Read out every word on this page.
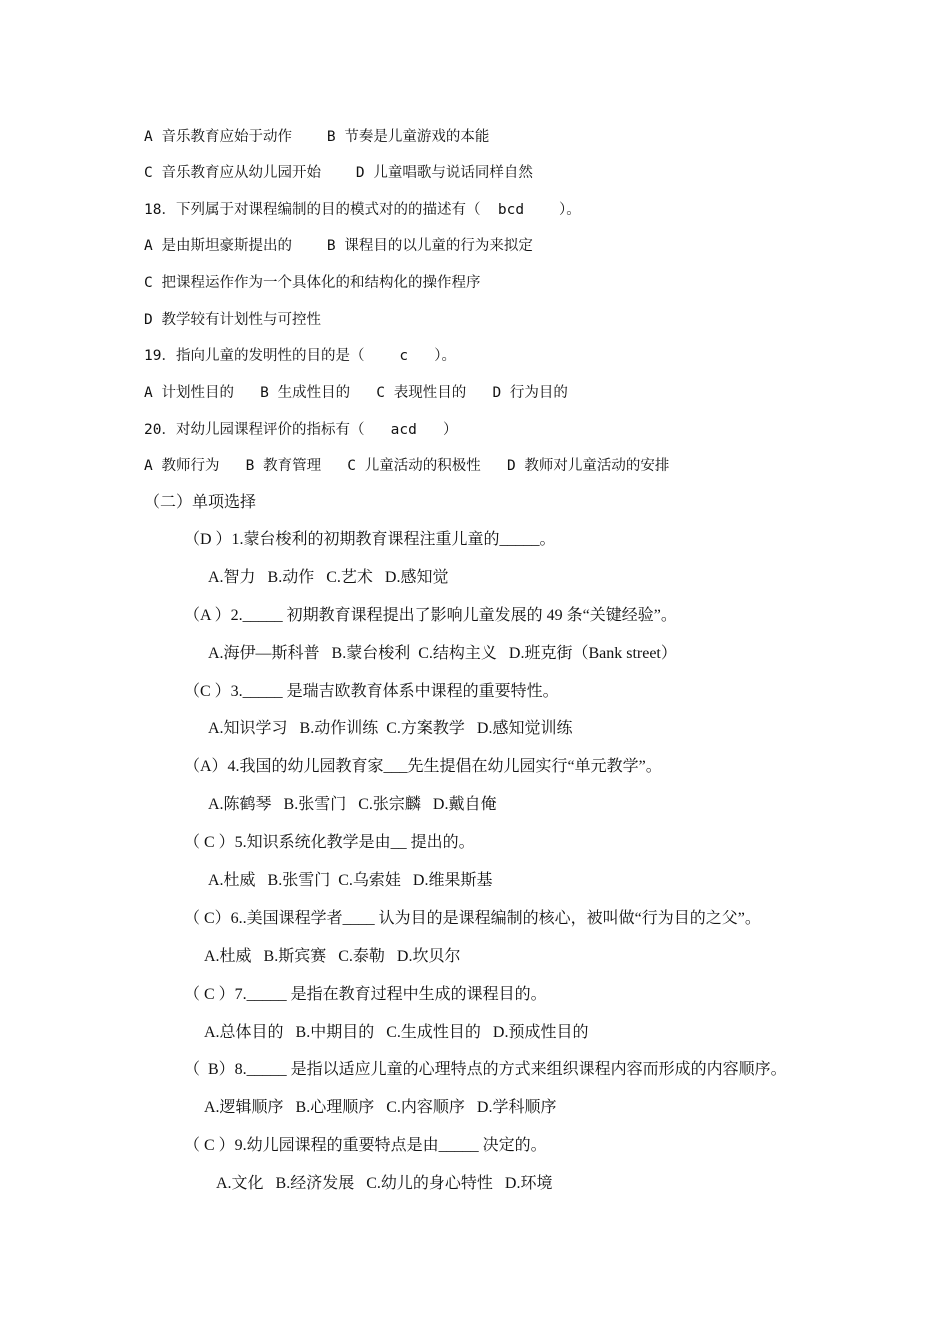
A 音乐教育应始于动作    B 节奏是儿童游戏的本能
C 音乐教育应从幼儿园开始    D 儿童唱歌与说话同样自然
18．下列属于对课程编制的目的模式对的的描述有（  bcd    ）。
A 是由斯坦豪斯提出的    B 课程目的以儿童的行为来拟定
C 把课程运作作为一个具体化的和结构化的操作程序
D 教学较有计划性与可控性
19．指向儿童的发明性的目的是（    c   ）。
A 计划性目的   B 生成性目的   C 表现性目的   D 行为目的
20．对幼儿园课程评价的指标有（   acd   ）
A 教师行为   B 教育管理   C 儿童活动的积极性   D 教师对儿童活动的安排
（二）单项选择
（D ）1.蒙台梭利的初期教育课程注重儿童的_____。
A.智力   B.动作   C.艺术   D.感知觉
（A ）2._____ 初期教育课程提出了影响儿童发展的 49 条“关键经验”。
A.海伊—斯科普   B.蒙台梭利  C.结构主义   D.班克街（Bank street）
（C ）3._____ 是瑞吉欧教育体系中课程的重要特性。
A.知识学习   B.动作训练  C.方案教学   D.感知觉训练
（A）4.我国的幼儿园教育家___先生提倡在幼儿园实行“单元教学”。
A.陈鹤琴   B.张雪门   C.张宗麟   D.戴自俺
（ C ）5.知识系统化教学是由__ 提出的。
A.杜威   B.张雪门  C.乌索娃   D.维果斯基
（ C）6..美国课程学者____ 认为目的是课程编制的核心，被叫做“行为目的之父”。
A.杜威   B.斯宾赛   C.泰勒   D.坎贝尔
（ C ）7._____ 是指在教育过程中生成的课程目的。
A.总体目的   B.中期目的   C.生成性目的   D.预成性目的
（  B）8._____ 是指以适应儿童的心理特点的方式来组织课程内容而形成的内容顺序。
A.逻辑顺序   B.心理顺序   C.内容顺序   D.学科顺序
（ C ）9.幼儿园课程的重要特点是由_____ 决定的。
A.文化   B.经济发展   C.幼儿的身心特性   D.环境
